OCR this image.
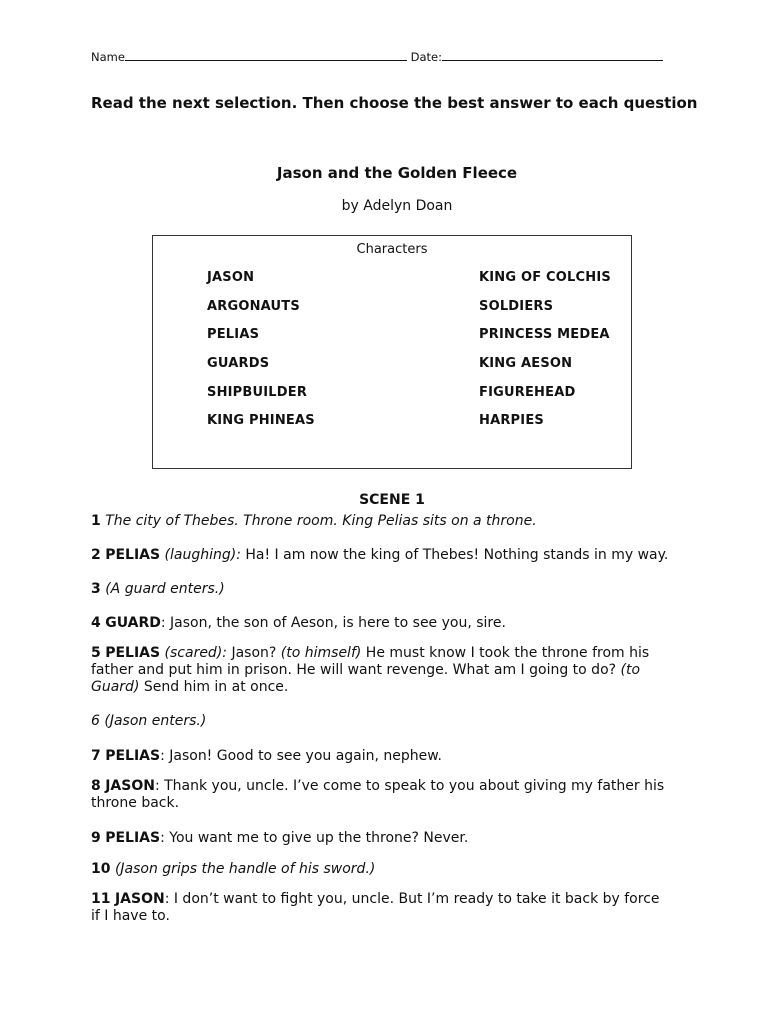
Name	Date:
Read the next selection. Then choose the best answer to each question
Jason and the Golden Fleece
by Adelyn Doan
Characters
JASON
ARGONAUTS
PELIAS
GUARDS
SHIPBUILDER
KING PHINEAS
KING OF COLCHIS
SOLDIERS
PRINCESS MEDEA
KING AESON
FIGUREHEAD
HARPIES
SCENE 1
1 The city of Thebes. Throne room. King Pelias sits on a throne.
2 PELIAS (laughing): Ha! I am now the king of Thebes! Nothing stands in my way.
3 (A guard enters.)
4 GUARD: Jason, the son of Aeson, is here to see you, sire.
5 PELIAS (scared): Jason? (to himself) He must know I took the throne from his father and put him in prison. He will want revenge. What am I going to do? (to Guard) Send him in at once.
6 (Jason enters.)
7 PELIAS: Jason! Good to see you again, nephew.
8 JASON: Thank you, uncle. I’ve come to speak to you about giving my father his throne back.
9 PELIAS: You want me to give up the throne? Never.
10 (Jason grips the handle of his sword.)
11 JASON: I don’t want to fight you, uncle. But I’m ready to take it back by force if I have to.
